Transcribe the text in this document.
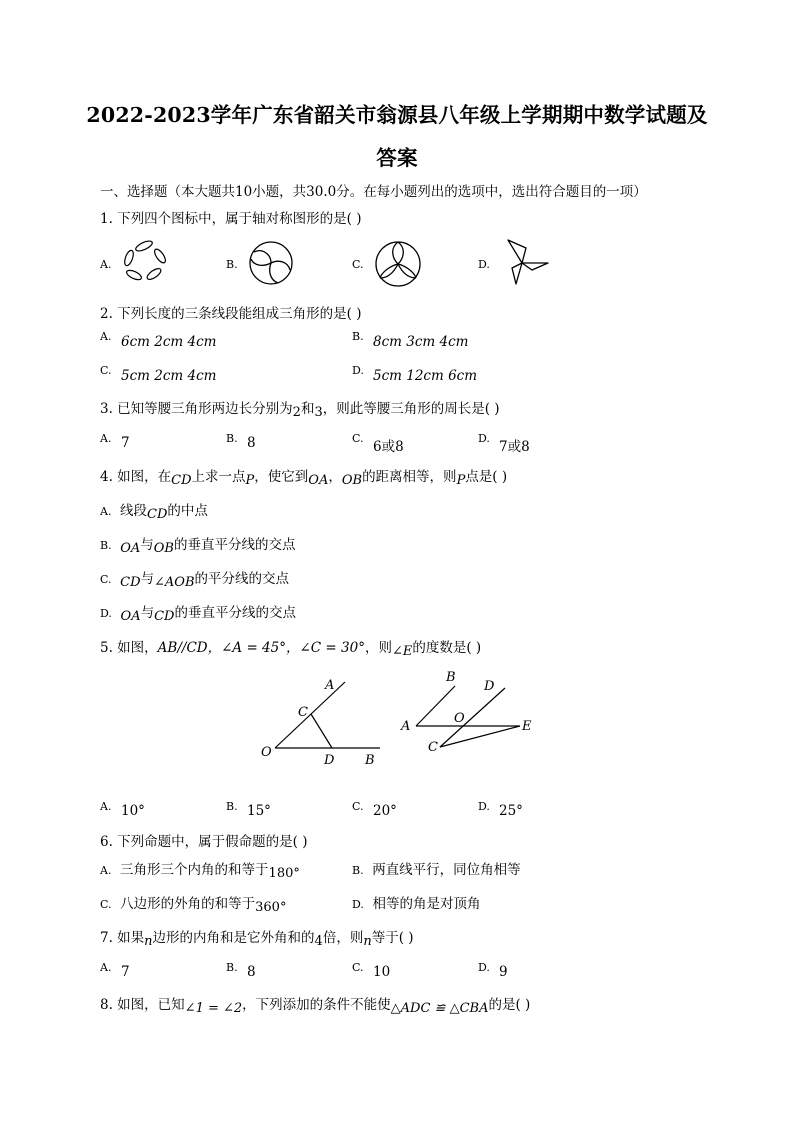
2022-2023学年广东省韶关市翁源县八年级上学期期中数学试题及
答案
一、选择题（本大题共10小题，共30.0分。在每小题列出的选项中，选出符合题目的一项）
1. 下列四个图标中，属于轴对称图形的是( )
A.	B.	C.	D.
2. 下列长度的三条线段能组成三角形的是( )
A. 6cm 2cm 4cm	B. 8cm 3cm 4cm
C. 5cm 2cm 4cm	D. 5cm 12cm 6cm
3. 已知等腰三角形两边长分别为2和3，则此等腰三角形的周长是( )
A. 7	B. 8	C.
6或8
D.
7或8
4. 如图，在CD上求一点P，使它到OA，OB的距离相等，则P点是( )
A. 线段CD的中点
B. OA与OB的垂直平分线的交点
C. CD与∠AOB的平分线的交点
D. OA与CD的垂直平分线的交点
5. 如图，AB//CD，∠A = 45°，∠C = 30°，则∠E的度数是( )
A
C
O
D B
B
D
A
O
E
C
A. 10°	B. 15°	C. 20°	D. 25°
6. 下列命题中，属于假命题的是( )
A. 三角形三个内角的和等于180°	B. 两直线平行，同位角相等
C. 八边形的外角的和等于360°	D. 相等的角是对顶角
7. 如果n边形的内角和是它外角和的4倍，则n等于( )
A. 7	B. 8	C. 10	D. 9
8. 如图，已知∠1 = ∠2，下列添加的条件不能使△ADC ≌ △CBA的是( )
